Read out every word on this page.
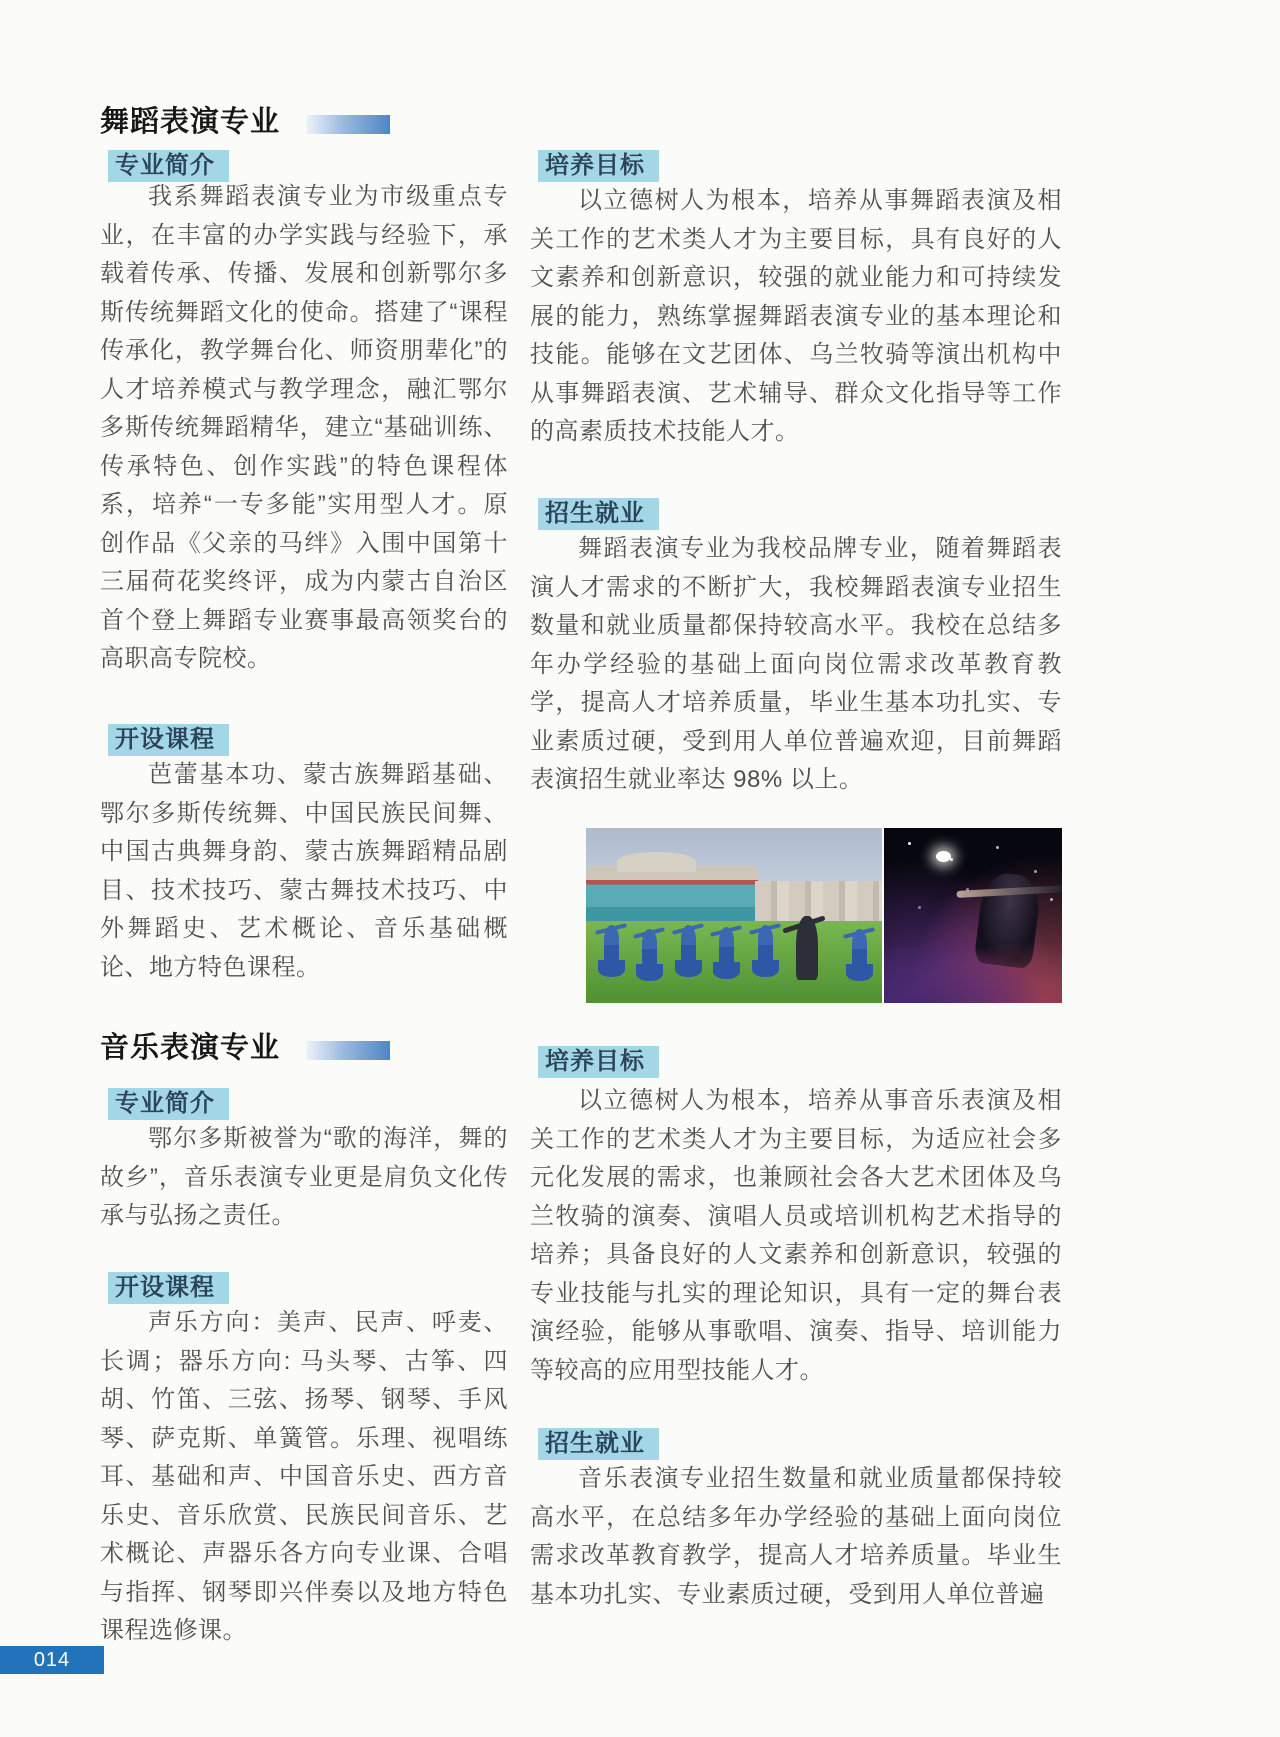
舞蹈表演专业
专业简介

我系舞蹈表演专业为市级重点专业，在丰富的办学实践与经验下，承载着传承、传播、发展和创新鄂尔多斯传统舞蹈文化的使命。搭建了“课程传承化，教学舞台化、师资朋辈化”的人才培养模式与教学理念，融汇鄂尔多斯传统舞蹈精华，建立“基础训练、传承特色、创作实践”的特色课程体系，培养“一专多能”实用型人才。原创作品《父亲的马绊》入围中国第十三届荷花奖终评，成为内蒙古自治区首个登上舞蹈专业赛事最高领奖台的高职高专院校。

开设课程

芭蕾基本功、蒙古族舞蹈基础、鄂尔多斯传统舞、中国民族民间舞、中国古典舞身韵、蒙古族舞蹈精品剧目、技术技巧、蒙古舞技术技巧、中外舞蹈史、艺术概论、音乐基础概论、地方特色课程。

音乐表演专业
专业简介

鄂尔多斯被誉为“歌的海洋，舞的故乡”，音乐表演专业更是肩负文化传承与弘扬之责任。

开设课程

声乐方向：美声、民声、呼麦、长调；器乐方向: 马头琴、古筝、四胡、竹笛、三弦、扬琴、钢琴、手风琴、萨克斯、单簧管。乐理、视唱练耳、基础和声、中国音乐史、西方音乐史、音乐欣赏、民族民间音乐、艺术概论、声器乐各方向专业课、合唱与指挥、钢琴即兴伴奏以及地方特色课程选修课。

培养目标

以立德树人为根本，培养从事舞蹈表演及相关工作的艺术类人才为主要目标，具有良好的人文素养和创新意识，较强的就业能力和可持续发展的能力，熟练掌握舞蹈表演专业的基本理论和技能。能够在文艺团体、乌兰牧骑等演出机构中从事舞蹈表演、艺术辅导、群众文化指导等工作的高素质技术技能人才。

招生就业

舞蹈表演专业为我校品牌专业，随着舞蹈表演人才需求的不断扩大，我校舞蹈表演专业招生数量和就业质量都保持较高水平。我校在总结多年办学经验的基础上面向岗位需求改革教育教学，提高人才培养质量，毕业生基本功扎实、专业素质过硬，受到用人单位普遍欢迎，目前舞蹈表演招生就业率达 98% 以上。

培养目标

以立德树人为根本，培养从事音乐表演及相关工作的艺术类人才为主要目标，为适应社会多元化发展的需求，也兼顾社会各大艺术团体及乌兰牧骑的演奏、演唱人员或培训机构艺术指导的培养；具备良好的人文素养和创新意识，较强的专业技能与扎实的理论知识，具有一定的舞台表演经验，能够从事歌唱、演奏、指导、培训能力等较高的应用型技能人才。

招生就业

音乐表演专业招生数量和就业质量都保持较高水平，在总结多年办学经验的基础上面向岗位需求改革教育教学，提高人才培养质量。毕业生基本功扎实、专业素质过硬，受到用人单位普遍

014
